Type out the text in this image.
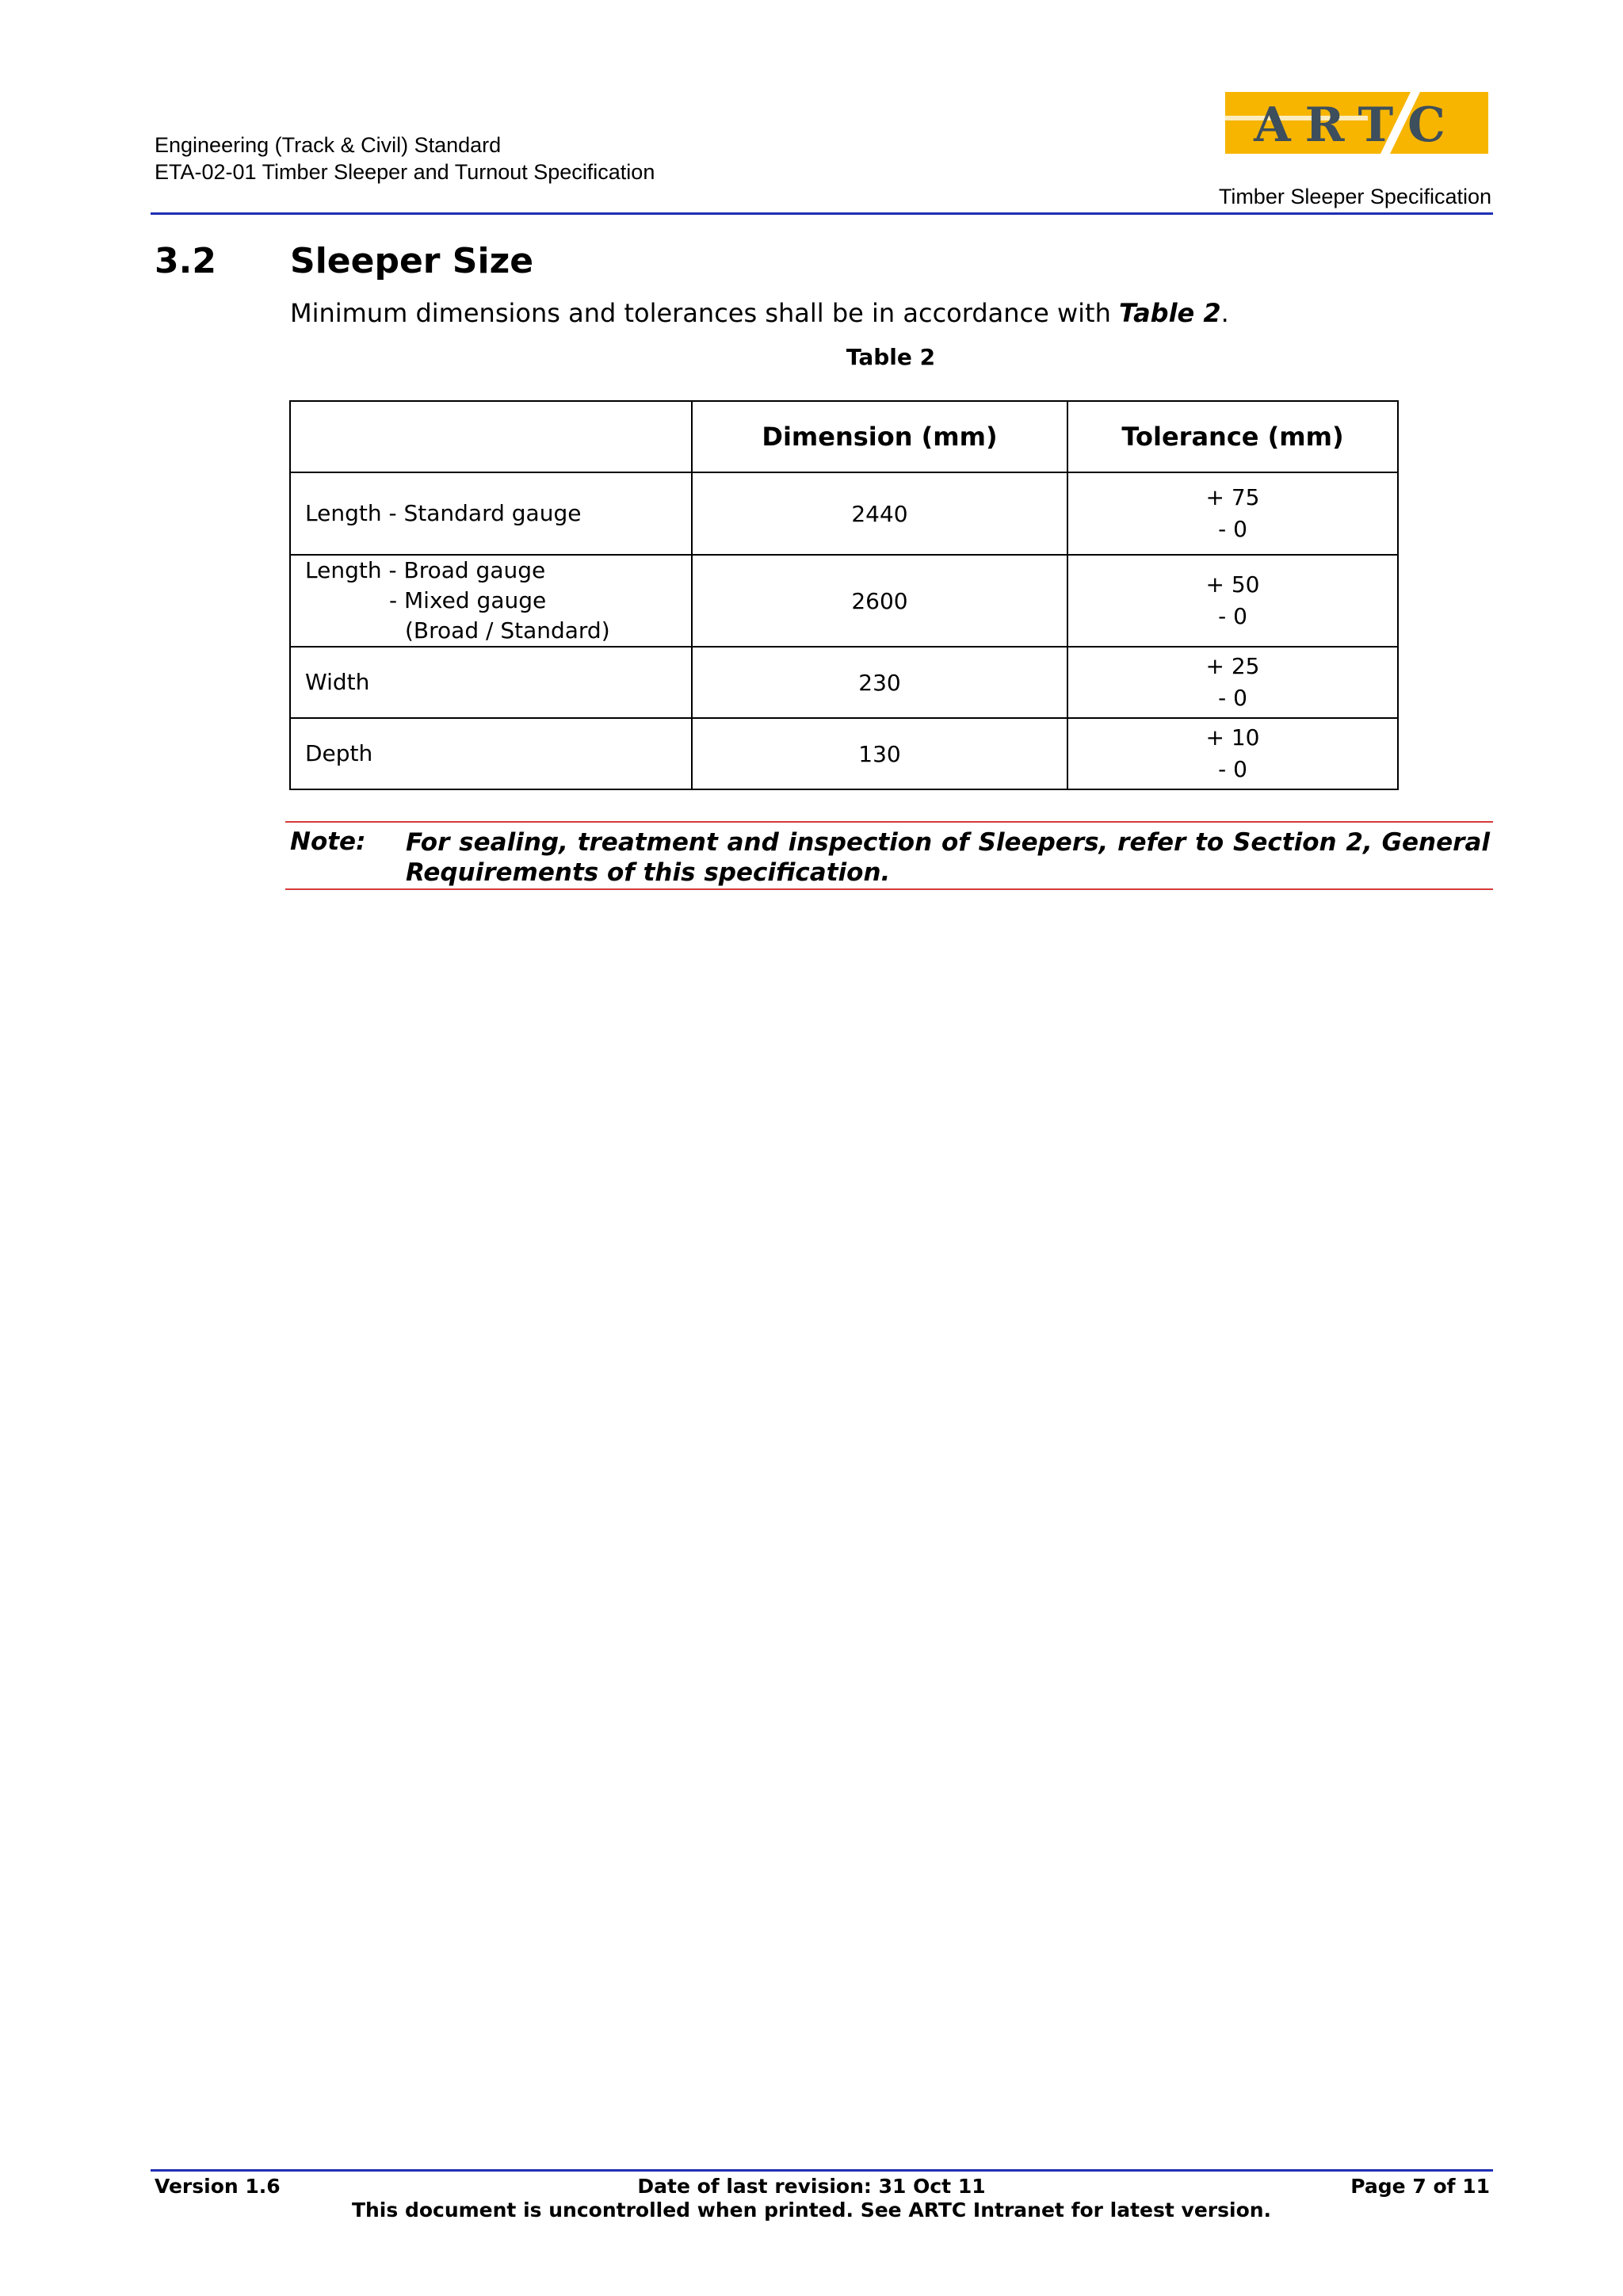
Engineering (Track & Civil) Standard
ETA-02-01 Timber Sleeper and Turnout Specification
ARTC
Timber Sleeper Specification
3.2 Sleeper Size
Minimum dimensions and tolerances shall be in accordance with Table 2.
Table 2
	Dimension (mm)	Tolerance (mm)

Length - Standard gauge	2440	+ 75
- 0

Length - Broad gauge
- Mixed gauge
(Broad / Standard)	2600	+ 50
- 0

Width	230	+ 25
- 0

Depth	130	+ 10
- 0
Note: For sealing, treatment and inspection of Sleepers, refer to Section 2, General Requirements of this specification.
Date of last revision: 31 Oct 11
Version 1.6	Page 7 of 11
This document is uncontrolled when printed. See ARTC Intranet for latest version.
